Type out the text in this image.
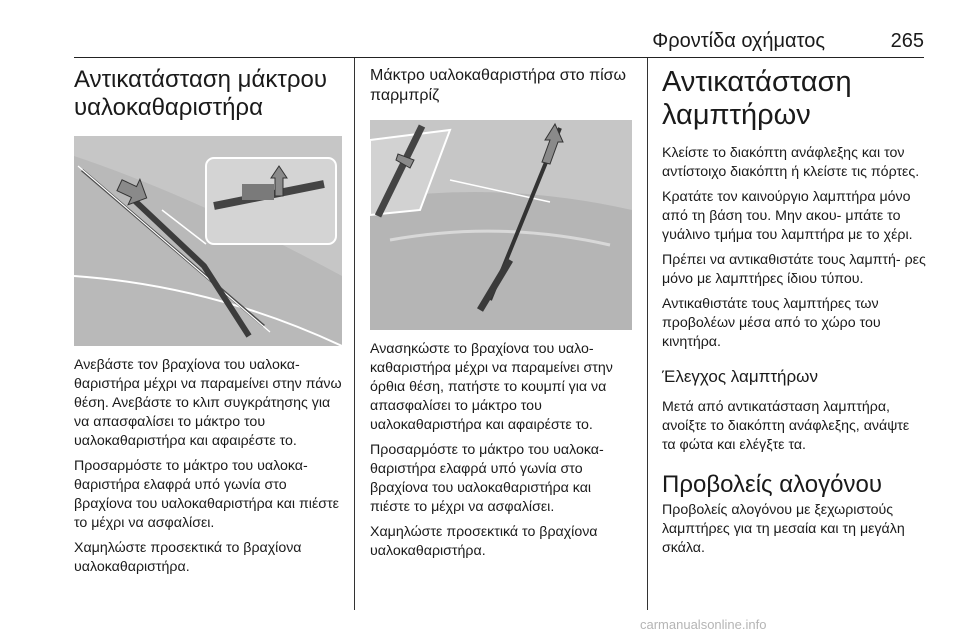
Φροντίδα οχήματος	265
Αντικατάσταση μάκτρου υαλοκαθαριστήρα

Ανεβάστε τον βραχίονα του υαλοκα‐ θαριστήρα μέχρι να παραμείνει στην πάνω θέση. Ανεβάστε το κλιπ συγκράτησης για να απασφαλίσει το μάκτρο του υαλοκαθαριστήρα και αφαιρέστε το.

Προσαρμόστε το μάκτρο του υαλοκα‐ θαριστήρα ελαφρά υπό γωνία στο βραχίονα του υαλοκαθαριστήρα και πιέστε το μέχρι να ασφαλίσει.

Χαμηλώστε προσεκτικά το βραχίονα υαλοκαθαριστήρα.

Μάκτρο υαλοκαθαριστήρα στο πίσω παρμπρίζ

Ανασηκώστε το βραχίονα του υαλο‐ καθαριστήρα μέχρι να παραμείνει στην όρθια θέση, πατήστε το κουμπί για να απασφαλίσει το μάκτρο του υαλοκαθαριστήρα και αφαιρέστε το.

Προσαρμόστε το μάκτρο του υαλοκα‐ θαριστήρα ελαφρά υπό γωνία στο βραχίονα του υαλοκαθαριστήρα και πιέστε το μέχρι να ασφαλίσει.

Χαμηλώστε προσεκτικά το βραχίονα υαλοκαθαριστήρα.

Αντικατάσταση λαμπτήρων

Κλείστε το διακόπτη ανάφλεξης και τον αντίστοιχο διακόπτη ή κλείστε τις πόρτες.

Κρατάτε τον καινούργιο λαμπτήρα μόνο από τη βάση του. Μην ακου‐ μπάτε το γυάλινο τμήμα του λαμπτήρα με το χέρι.

Πρέπει να αντικαθιστάτε τους λαμπτή‐ ρες μόνο με λαμπτήρες ίδιου τύπου.

Αντικαθιστάτε τους λαμπτήρες των προβολέων μέσα από το χώρο του κινητήρα.

Έλεγχος λαμπτήρων

Μετά από αντικατάσταση λαμπτήρα, ανοίξτε το διακόπτη ανάφλεξης, ανάψτε τα φώτα και ελέγξτε τα.

Προβολείς αλογόνου

Προβολείς αλογόνου με ξεχωριστούς λαμπτήρες για τη μεσαία και τη μεγάλη σκάλα.

carmanualsonline.info
